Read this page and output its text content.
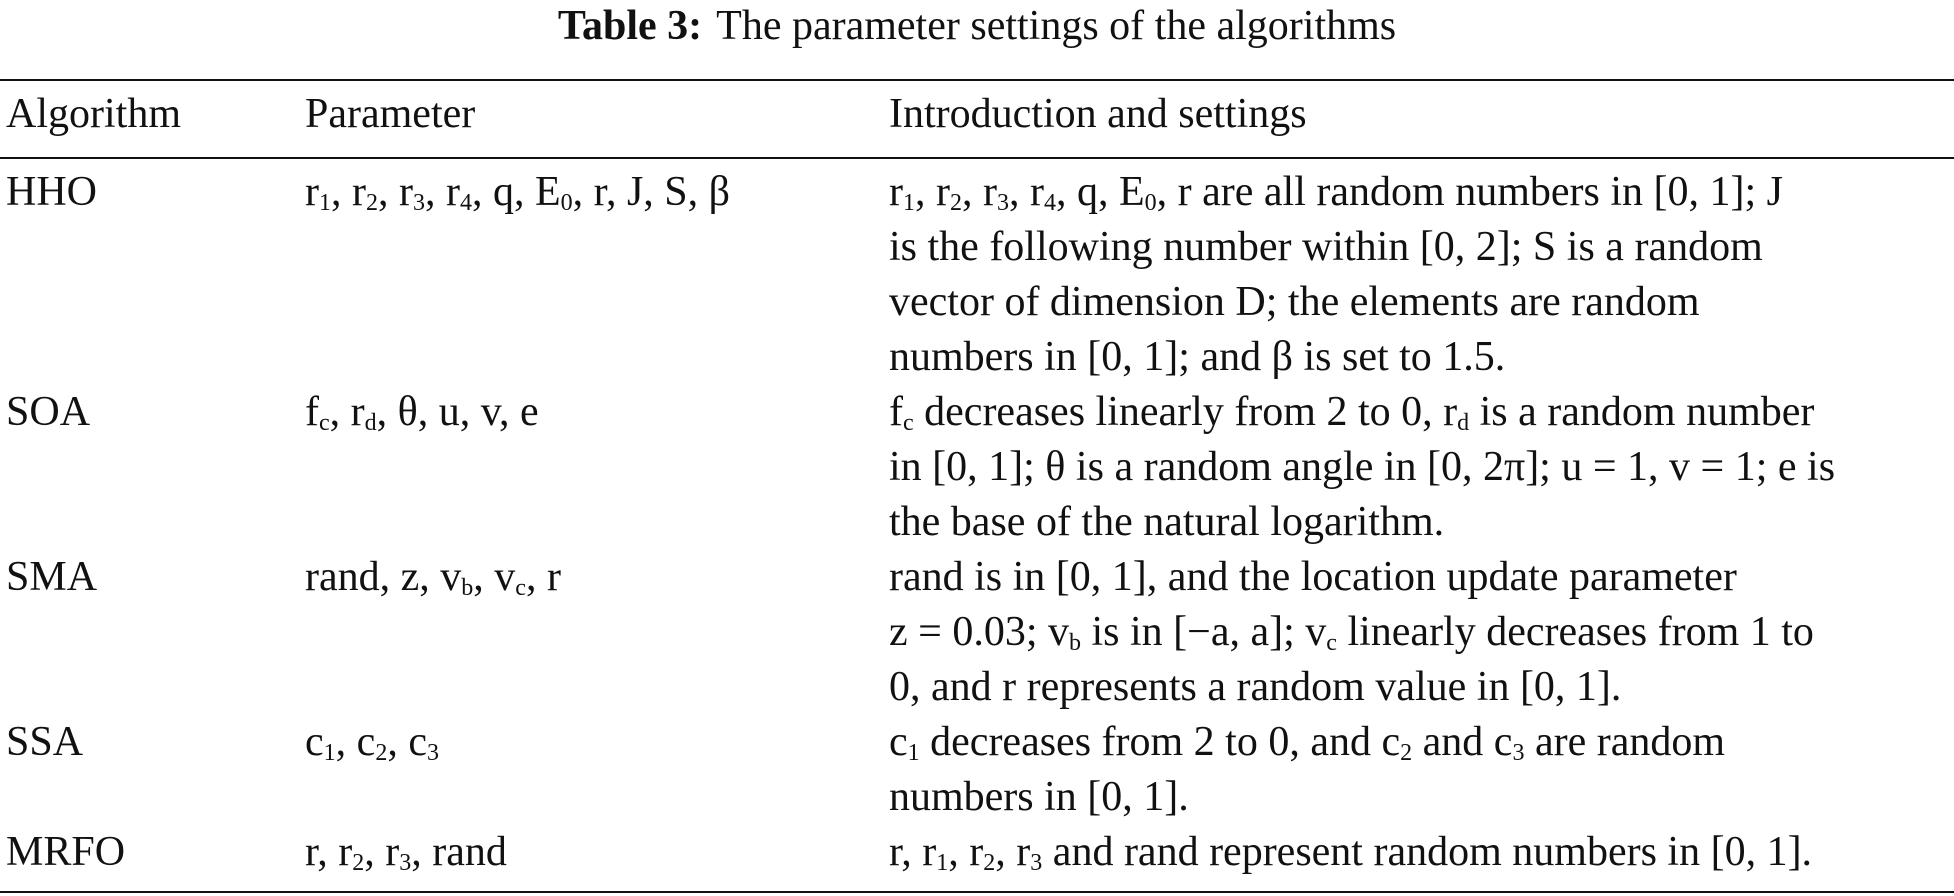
Table 3: The parameter settings of the algorithms
Algorithm	Parameter	Introduction and settings
HHO	$r_1$, $r_2$, $r_3$, $r_4$, q, $E_0$, r, J, S, β	$r_1$, $r_2$, $r_3$, $r_4$, q, $E_0$, r are all random numbers in [0, 1]; J
is the following number within [0, 2]; S is a random
vector of dimension D; the elements are random
numbers in [0, 1]; and β is set to 1.5.
SOA	$f_c$, $r_d$, θ, u, v, e	$f_c$ decreases linearly from 2 to 0, $r_d$ is a random number
in [0, 1]; θ is a random angle in [0, 2π]; u = 1, v = 1; e is
the base of the natural logarithm.
SMA	rand, z, $v_b$, $v_c$, r	rand is in [0, 1], and the location update parameter
z = 0.03; $v_b$ is in [−a, a]; $v_c$ linearly decreases from 1 to
0, and r represents a random value in [0, 1].
SSA	$c_1$, $c_2$, $c_3$	$c_1$ decreases from 2 to 0, and $c_2$ and $c_3$ are random
numbers in [0, 1].
MRFO	r, $r_2$, $r_3$, rand	r, $r_1$, $r_2$, $r_3$ and rand represent random numbers in [0, 1].
